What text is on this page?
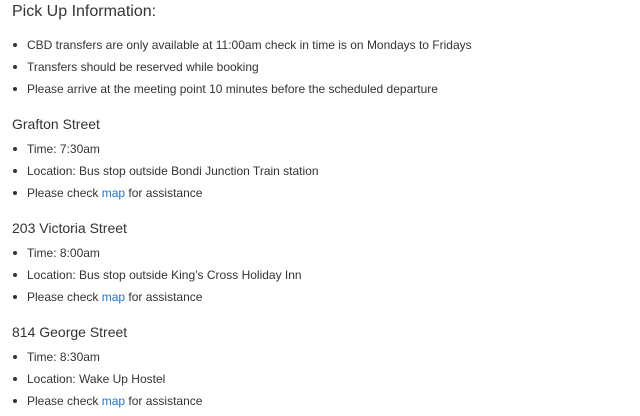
Pick Up Information:
CBD transfers are only available at 11:00am check in time is on Mondays to Fridays
Transfers should be reserved while booking
Please arrive at the meeting point 10 minutes before the scheduled departure
Grafton Street
Time: 7:30am
Location: Bus stop outside Bondi Junction Train station
Please check map for assistance
203 Victoria Street
Time: 8:00am
Location: Bus stop outside King’s Cross Holiday Inn
Please check map for assistance
814 George Street
Time: 8:30am
Location: Wake Up Hostel
Please check map for assistance
